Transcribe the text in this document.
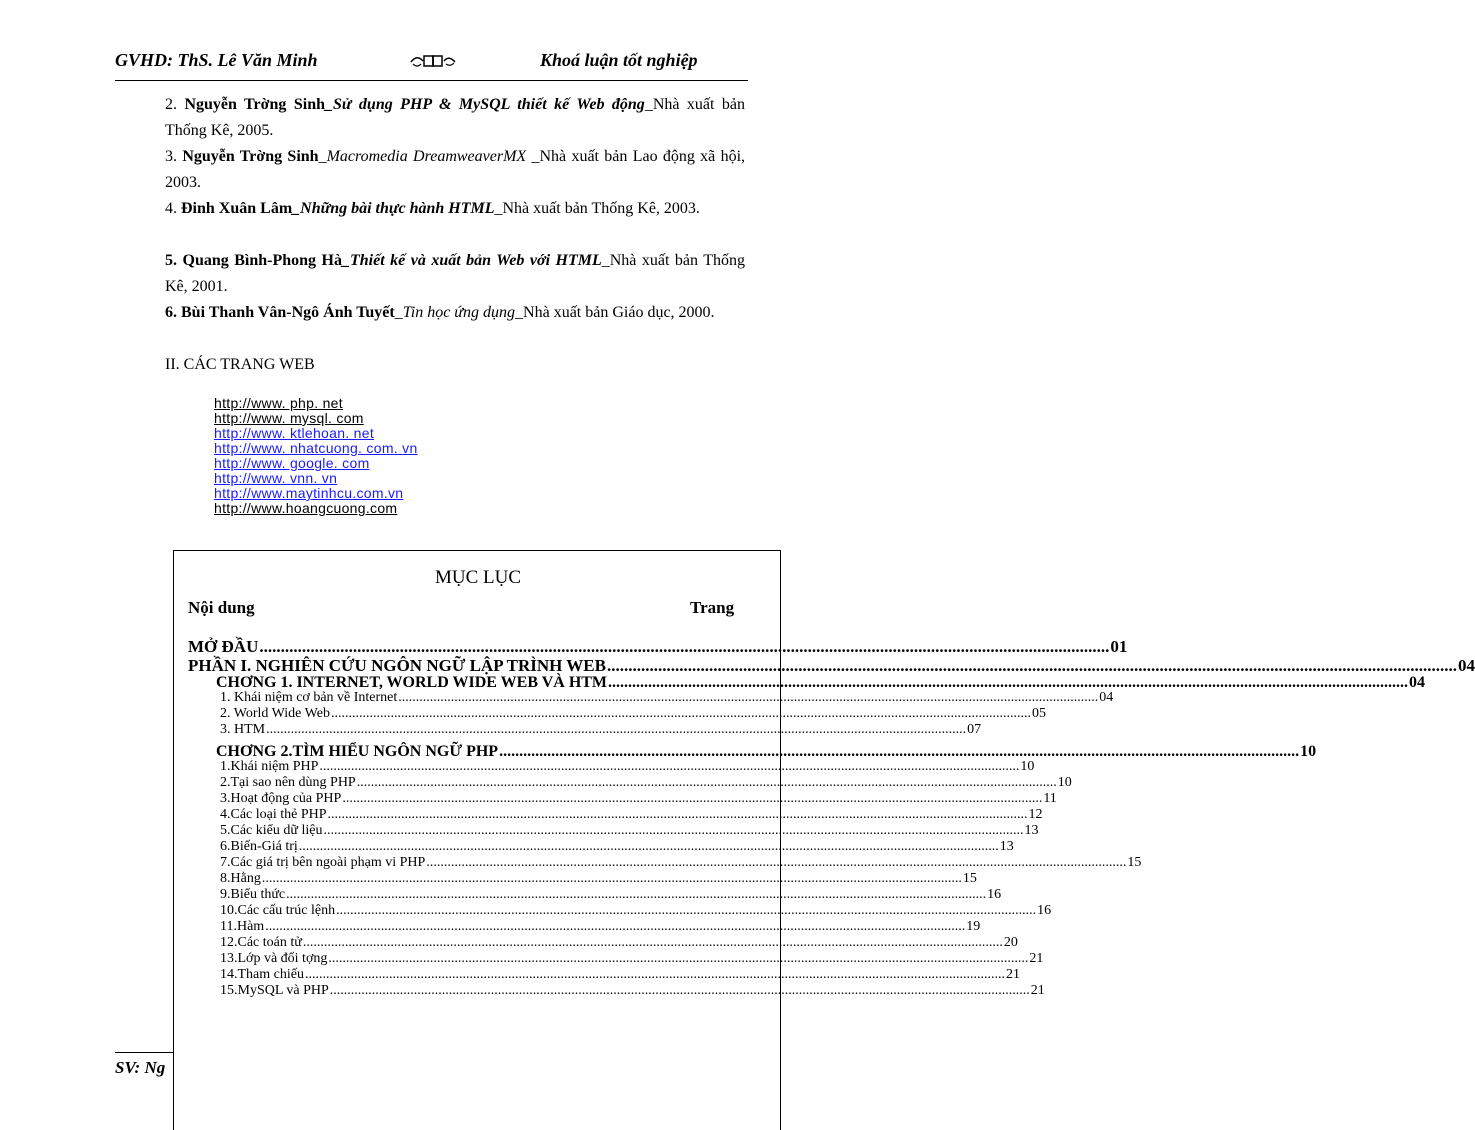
GVHD: ThS. Lê Văn Minh	Khoá luận tốt nghiệp
2. Nguyễn Trờng Sinh_Sử dụng PHP & MySQL thiết kế Web động_Nhà xuất bản Thống Kê, 2005.
3. Nguyễn Trờng Sinh_Macromedia DreamweaverMX _Nhà xuất bản Lao động xã hội, 2003.
4. Đinh Xuân Lâm_Những bài thực hành HTML_Nhà xuất bản Thống Kê, 2003.
5. Quang Bình-Phong Hà_Thiết kế và xuất bản Web với HTML_Nhà xuất bản Thống Kê, 2001.
6. Bùi Thanh Vân-Ngô Ánh Tuyết_Tin học ứng dụng_Nhà xuất bản Giáo dục, 2000.
II. CÁC TRANG WEB
http://www. php. net
http://www. mysql. com
http://www. ktlehoan. net
http://www. nhatcuong. com. vn
http://www. google. com
http://www. vnn. vn
http://www.maytinhcu.com.vn
http://www.hoangcuong.com
SV: Ng
MỤC LỤC
Nội dung	Trang
MỞ ĐẦU ........................................................................................................................................................................................................ 01
PHẦN I. NGHIÊN CỨU NGÔN NGỮ LẬP TRÌNH WEB ........................................................................................................................................................................................................ 04
CHƠNG 1. INTERNET, WORLD WIDE WEB VÀ HTM ........................................................................................................................................................................................................ 04
1. Khái niệm cơ bản về Internet ........................................................................................................................................................................................................ 04
2. World Wide Web ........................................................................................................................................................................................................ 05
3. HTM ........................................................................................................................................................................................................ 07
CHƠNG 2.TÌM HIỂU NGÔN NGỮ PHP ........................................................................................................................................................................................................ 10
1.Khái niệm PHP ........................................................................................................................................................................................................ 10
2.Tại sao nên dùng PHP ........................................................................................................................................................................................................ 10
3.Hoạt động của PHP ........................................................................................................................................................................................................ 11
4.Các loại thẻ PHP ........................................................................................................................................................................................................ 12
5.Các kiểu dữ liệu ........................................................................................................................................................................................................ 13
6.Biến-Giá trị ........................................................................................................................................................................................................ 13
7.Các giá trị bên ngoài phạm vi PHP ........................................................................................................................................................................................................ 15
8.Hằng ........................................................................................................................................................................................................ 15
9.Biểu thức ........................................................................................................................................................................................................ 16
10.Các cấu trúc lệnh ........................................................................................................................................................................................................ 16
11.Hàm ........................................................................................................................................................................................................ 19
12.Các toán tử ........................................................................................................................................................................................................ 20
13.Lớp và đối tợng ........................................................................................................................................................................................................ 21
14.Tham chiếu ........................................................................................................................................................................................................ 21
15.MySQL và PHP ........................................................................................................................................................................................................ 21
